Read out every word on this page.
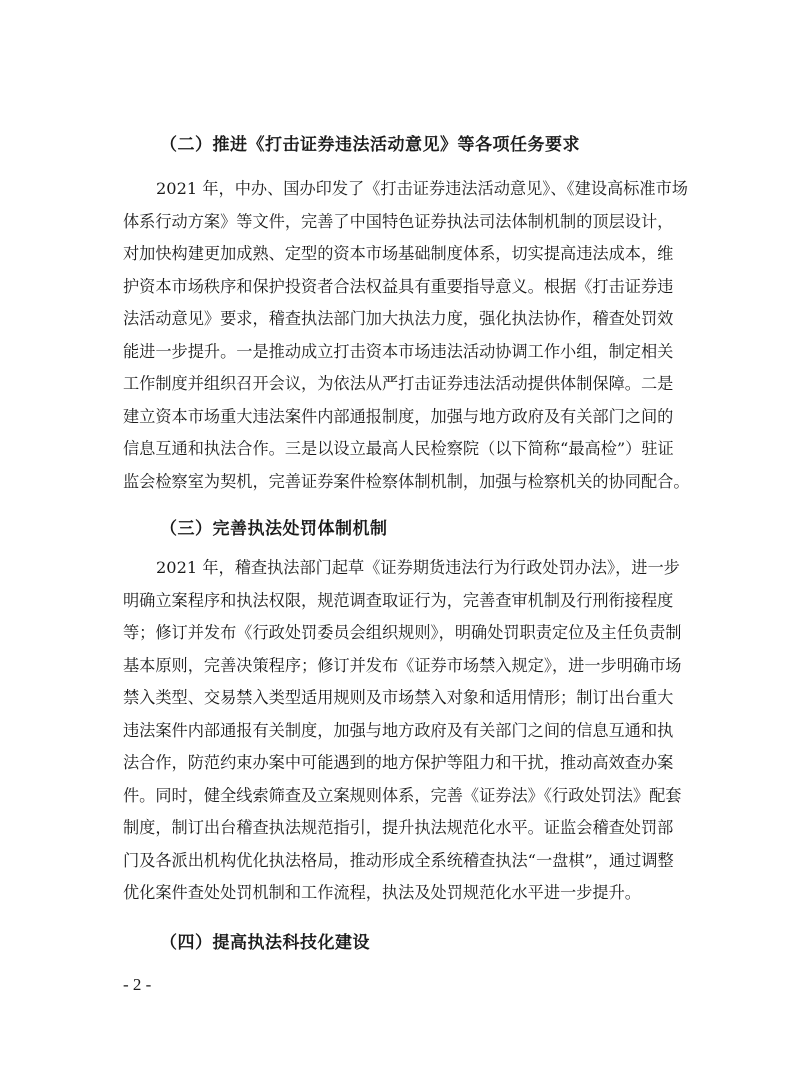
（二）推进《打击证券违法活动意见》等各项任务要求
2021 年，中办、国办印发了《打击证券违法活动意见》、《建设高标准市场
体系行动方案》等文件，完善了中国特色证券执法司法体制机制的顶层设计，
对加快构建更加成熟、定型的资本市场基础制度体系，切实提高违法成本，维
护资本市场秩序和保护投资者合法权益具有重要指导意义。根据《打击证券违
法活动意见》要求，稽查执法部门加大执法力度，强化执法协作，稽查处罚效
能进一步提升。一是推动成立打击资本市场违法活动协调工作小组，制定相关
工作制度并组织召开会议，为依法从严打击证券违法活动提供体制保障。二是
建立资本市场重大违法案件内部通报制度，加强与地方政府及有关部门之间的
信息互通和执法合作。三是以设立最高人民检察院（以下简称“最高检”）驻证
监会检察室为契机，完善证券案件检察体制机制，加强与检察机关的协同配合。
（三）完善执法处罚体制机制
2021 年，稽查执法部门起草《证券期货违法行为行政处罚办法》，进一步
明确立案程序和执法权限，规范调查取证行为，完善查审机制及行刑衔接程度
等；修订并发布《行政处罚委员会组织规则》，明确处罚职责定位及主任负责制
基本原则，完善决策程序；修订并发布《证券市场禁入规定》，进一步明确市场
禁入类型、交易禁入类型适用规则及市场禁入对象和适用情形；制订出台重大
违法案件内部通报有关制度，加强与地方政府及有关部门之间的信息互通和执
法合作，防范约束办案中可能遇到的地方保护等阻力和干扰，推动高效查办案
件。同时，健全线索筛查及立案规则体系，完善《证券法》《行政处罚法》配套
制度，制订出台稽查执法规范指引，提升执法规范化水平。证监会稽查处罚部
门及各派出机构优化执法格局，推动形成全系统稽查执法“一盘棋”，通过调整
优化案件查处处罚机制和工作流程，执法及处罚规范化水平进一步提升。
（四）提高执法科技化建设
- 2 -
